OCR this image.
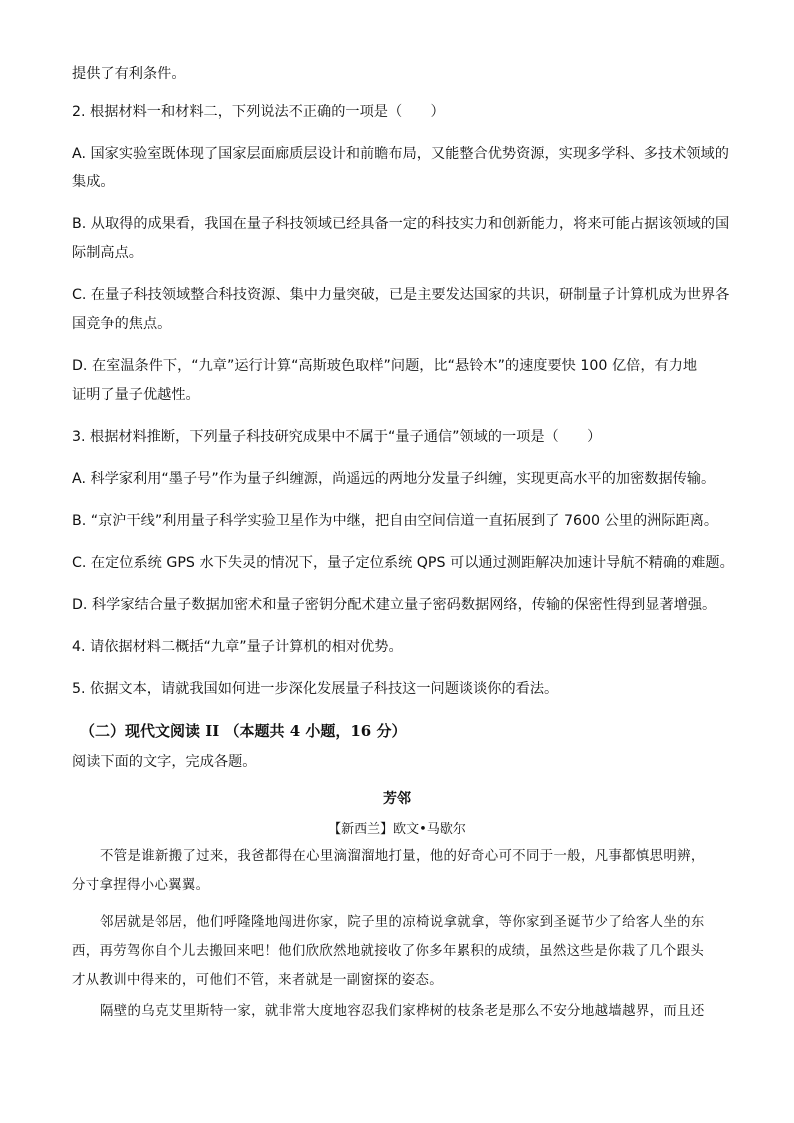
提供了有利条件。
2. 根据材料一和材料二，下列说法不正确的一项是（　　）
A. 国家实验室既体现了国家层面廊质层设计和前瞻布局，又能整合优势资源，实现多学科、多技术领域的
集成。
B. 从取得的成果看，我国在量子科技领域已经具备一定的科技实力和创新能力，将来可能占据该领域的国
际制高点。
C. 在量子科技领域整合科技资源、集中力量突破，已是主要发达国家的共识，研制量子计算机成为世界各
国竞争的焦点。
D. 在室温条件下，“九章”运行计算“高斯玻色取样”问题，比“悬铃木”的速度要快 100 亿倍，有力地
证明了量子优越性。
3. 根据材料推断，下列量子科技研究成果中不属于“量子通信”领域的一项是（　　）
A. 科学家利用“墨子号”作为量子纠缠源，尚遥远的两地分发量子纠缠，实现更高水平的加密数据传输。
B. “京沪干线”利用量子科学实验卫星作为中继，把自由空间信道一直拓展到了 7600 公里的洲际距离。
C. 在定位系统 GPS 水下失灵的情况下，量子定位系统 QPS 可以通过测距解决加速计导航不精确的难题。
D. 科学家结合量子数据加密术和量子密钥分配术建立量子密码数据网络，传输的保密性得到显著增强。
4. 请依据材料二概括“九章”量子计算机的相对优势。
5. 依据文本，请就我国如何进一步深化发展量子科技这一问题谈谈你的看法。
（二）现代文阅读 II （本题共 4 小题，16 分）
阅读下面的文字，完成各题。
芳邻
【新西兰】欧文•马歇尔
不管是谁新搬了过来，我爸都得在心里滴溜溜地打量，他的好奇心可不同于一般，凡事都慎思明辨，
分寸拿捏得小心翼翼。
邻居就是邻居，他们呼隆隆地闯进你家，院子里的凉椅说拿就拿，等你家到圣诞节少了给客人坐的东
西，再劳驾你自个儿去搬回来吧！他们欣欣然地就接收了你多年累积的成绩，虽然这些是你栽了几个跟头
才从教训中得来的，可他们不管，来者就是一副窗探的姿态。
隔壁的乌克艾里斯特一家，就非常大度地容忍我们家桦树的枝条老是那么不安分地越墙越界，而且还
